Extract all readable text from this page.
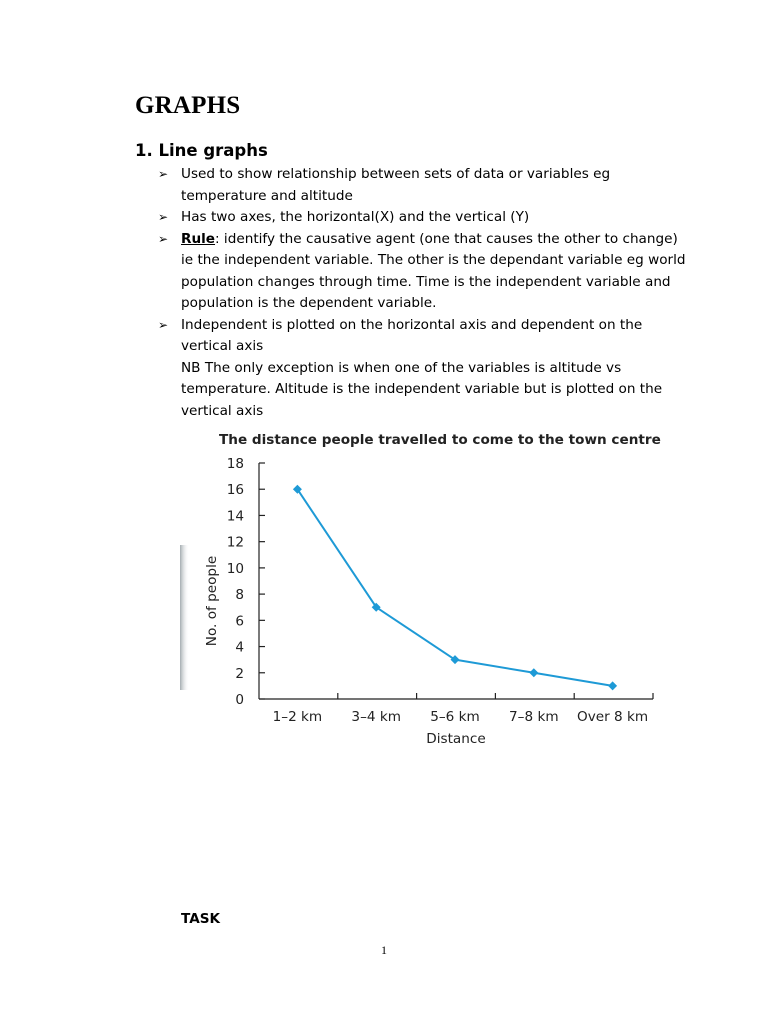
GRAPHS
1. Line graphs
➢ Used to show relationship between sets of data or variables eg temperature and altitude

➢ Has two axes, the horizontal(X) and the vertical (Y)

➢ Rule: identify the causative agent (one that causes the other to change) ie the independent variable. The other is the dependant variable eg world population changes through time. Time is the independent variable and population is the dependent variable.

➢ Independent is plotted on the horizontal axis and dependent on the vertical axis

NB The only exception is when one of the variables is altitude vs temperature. Altitude is the independent variable but is plotted on the vertical axis

The distance people travelled to come to the town centre
No. of people
Distance
0
2
4
6
8
10
12
14
16
18
1–2 km 3–4 km 5–6 km 7–8 km Over 8 km

TASK

1
